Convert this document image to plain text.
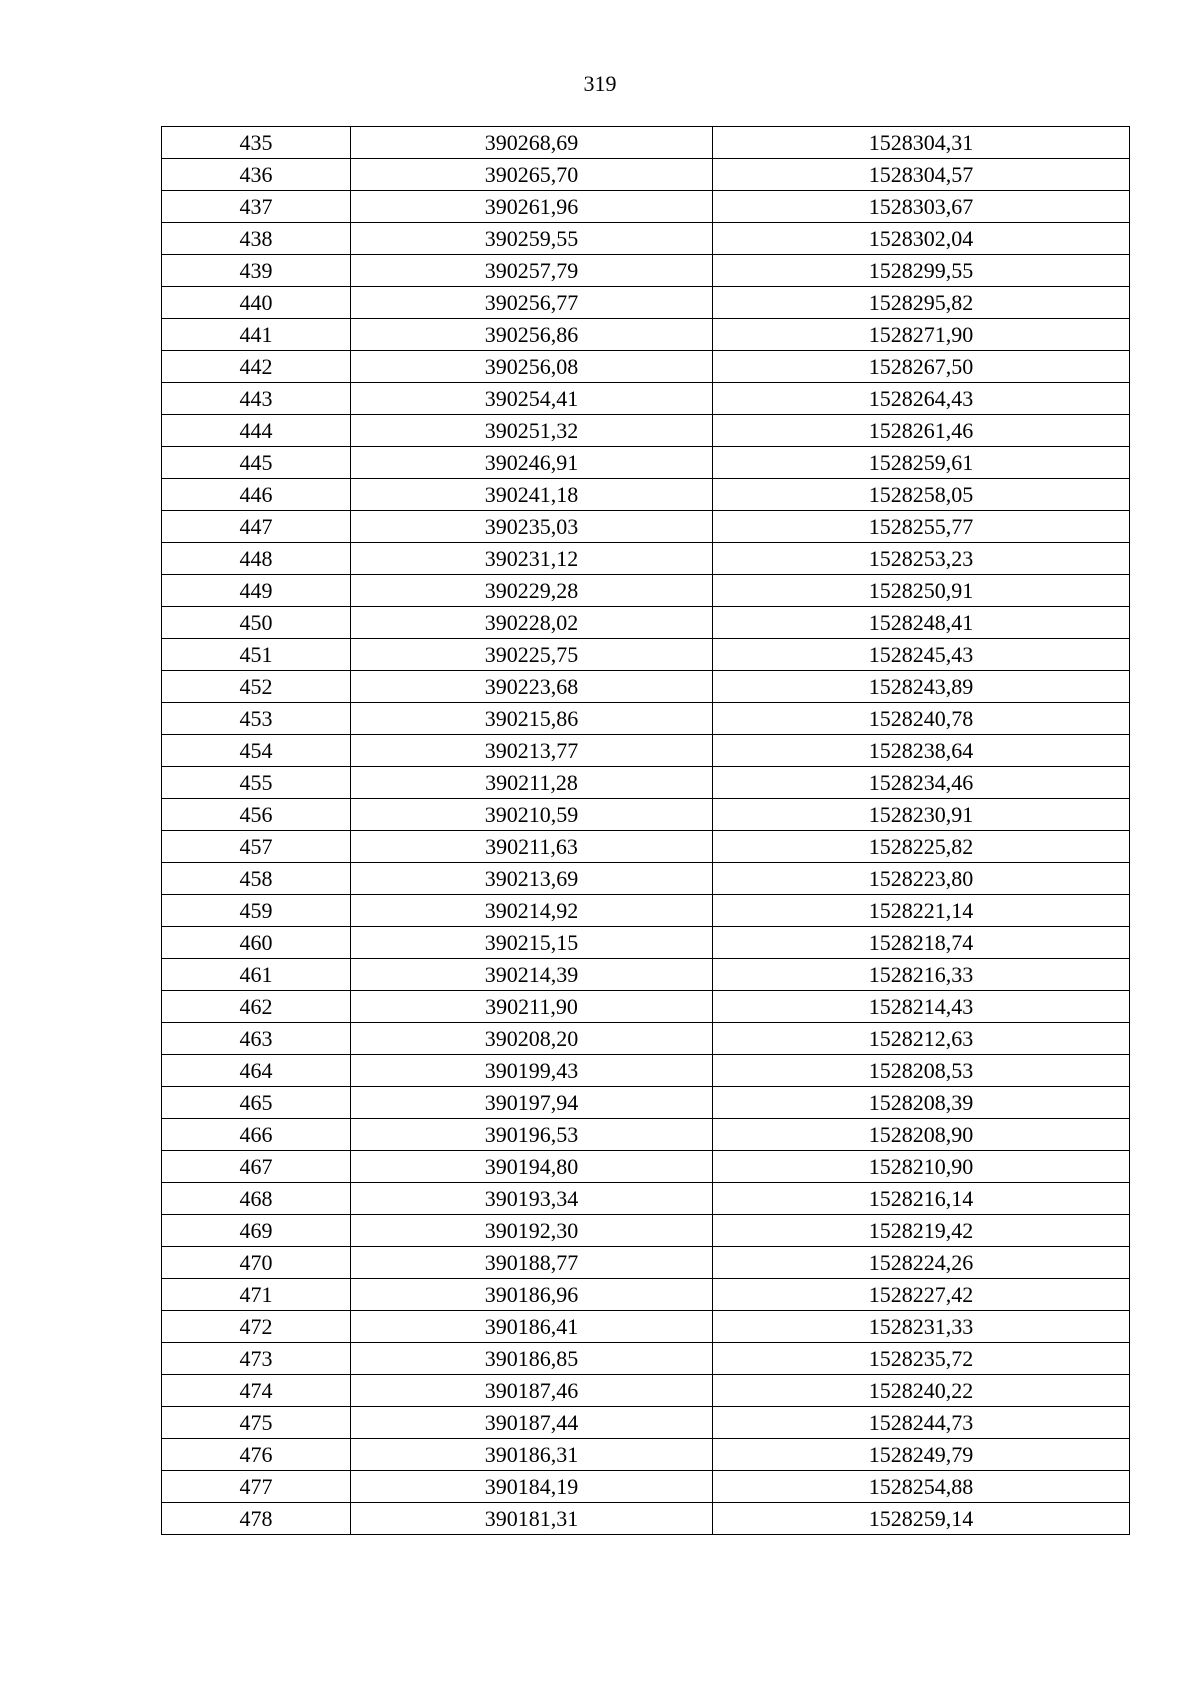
319
435	390268,69	1528304,31
436	390265,70	1528304,57
437	390261,96	1528303,67
438	390259,55	1528302,04
439	390257,79	1528299,55
440	390256,77	1528295,82
441	390256,86	1528271,90
442	390256,08	1528267,50
443	390254,41	1528264,43
444	390251,32	1528261,46
445	390246,91	1528259,61
446	390241,18	1528258,05
447	390235,03	1528255,77
448	390231,12	1528253,23
449	390229,28	1528250,91
450	390228,02	1528248,41
451	390225,75	1528245,43
452	390223,68	1528243,89
453	390215,86	1528240,78
454	390213,77	1528238,64
455	390211,28	1528234,46
456	390210,59	1528230,91
457	390211,63	1528225,82
458	390213,69	1528223,80
459	390214,92	1528221,14
460	390215,15	1528218,74
461	390214,39	1528216,33
462	390211,90	1528214,43
463	390208,20	1528212,63
464	390199,43	1528208,53
465	390197,94	1528208,39
466	390196,53	1528208,90
467	390194,80	1528210,90
468	390193,34	1528216,14
469	390192,30	1528219,42
470	390188,77	1528224,26
471	390186,96	1528227,42
472	390186,41	1528231,33
473	390186,85	1528235,72
474	390187,46	1528240,22
475	390187,44	1528244,73
476	390186,31	1528249,79
477	390184,19	1528254,88
478	390181,31	1528259,14
